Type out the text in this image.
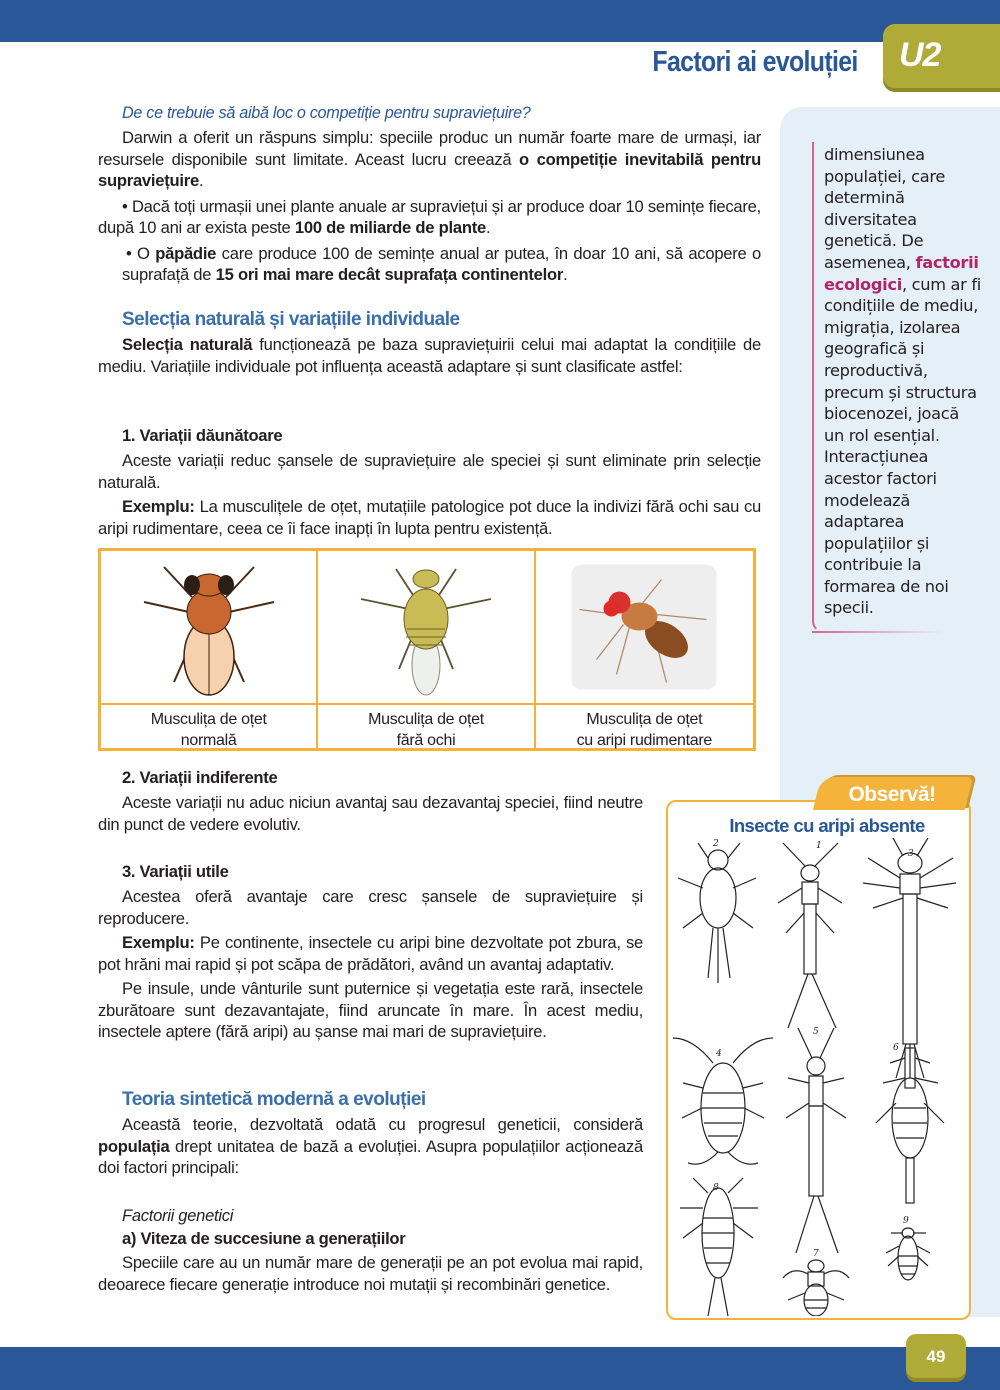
Factori ai evoluției U2
dimensiunea populației, care determină diversitatea genetică. De asemenea, factorii ecologici, cum ar fi condițiile de mediu, migrația, izolarea geografică și reproductivă, precum și structura biocenozei, joacă un rol esențial. Interacțiunea acestor factori modelează adaptarea populațiilor și contribuie la formarea de noi specii.
De ce trebuie să aibă loc o competiție pentru supraviețuire?

Darwin a oferit un răspuns simplu: speciile produc un număr foarte mare de urmași, iar resursele disponibile sunt limitate. Aceast lucru creează o competiție inevitabilă pentru supraviețuire.

• Dacă toți urmașii unei plante anuale ar supraviețui și ar produce doar 10 semințe fiecare, după 10 ani ar exista peste 100 de miliarde de plante.

• O păpădie care produce 100 de semințe anual ar putea, în doar 10 ani, să acopere o suprafață de 15 ori mai mare decât suprafața continentelor.

Selecția naturală și variațiile individuale

Selecția naturală funcționează pe baza supraviețuirii celui mai adaptat la condițiile de mediu. Variațiile individuale pot influența această adaptare și sunt clasificate astfel:

1. Variații dăunătoare

Aceste variații reduc șansele de supraviețuire ale speciei și sunt eliminate prin selecție naturală.

Exemplu: La musculițele de oțet, mutațiile patologice pot duce la indivizi fără ochi sau cu aripi rudimentare, ceea ce îi face inapți în lupta pentru existență.

Musculița de oțet
normală
Musculița de oțet
fără ochi
Musculița de oțet
cu aripi rudimentare
2. Variații indiferente

Aceste variații nu aduc niciun avantaj sau dezavantaj speciei, fiind neutre din punct de vedere evolutiv.

3. Variații utile

Acestea oferă avantaje care cresc șansele de supraviețuire și reproducere.

Exemplu: Pe continente, insectele cu aripi bine dezvoltate pot zbura, se pot hrăni mai rapid și pot scăpa de prădători, având un avantaj adaptativ.

Pe insule, unde vânturile sunt puternice și vegetația este rară, insectele zburătoare sunt dezavantajate, fiind aruncate în mare. În acest mediu, insectele aptere (fără aripi) au șanse mai mari de supraviețuire.

Teoria sintetică modernă a evoluției

Această teorie, dezvoltată odată cu progresul geneticii, consideră populația drept unitatea de bază a evoluției. Asupra populațiilor acționează doi factori principali:

Factorii genetici
a) Viteza de succesiune a generațiilor

Speciile care au un număr mare de generații pe an pot evolua mai rapid, deoarece fiecare generație introduce noi mutații și recombinări genetice.

Observă!
Insecte cu aripi absente
2	1
3
4
5
6
7
8
9
49
